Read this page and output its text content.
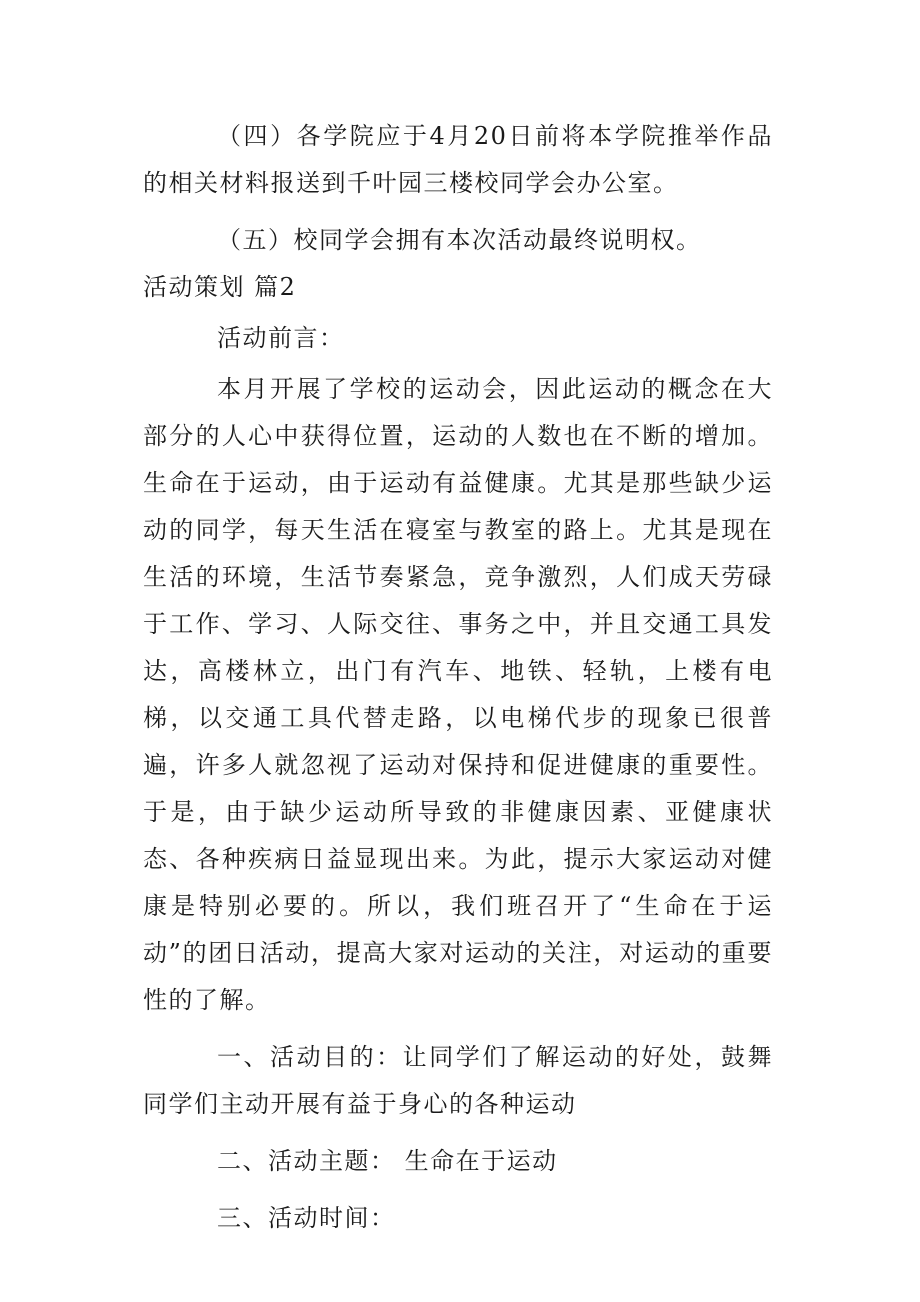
（四）各学院应于4月20日前将本学院推举作品的相关材料报送到千叶园三楼校同学会办公室。

（五）校同学会拥有本次活动最终说明权。

活动策划 篇2

活动前言：

本月开展了学校的运动会，因此运动的概念在大部分的人心中获得位置，运动的人数也在不断的增加。生命在于运动，由于运动有益健康。尤其是那些缺少运动的同学，每天生活在寝室与教室的路上。尤其是现在生活的环境，生活节奏紧急，竞争激烈，人们成天劳碌于工作、学习、人际交往、事务之中，并且交通工具发达，高楼林立，出门有汽车、地铁、轻轨，上楼有电梯，以交通工具代替走路，以电梯代步的现象已很普遍，许多人就忽视了运动对保持和促进健康的重要性。于是，由于缺少运动所导致的非健康因素、亚健康状态、各种疾病日益显现出来。为此，提示大家运动对健康是特别必要的。所以，我们班召开了“生命在于运动”的团日活动，提高大家对运动的关注，对运动的重要性的了解。

一、活动目的：让同学们了解运动的好处，鼓舞同学们主动开展有益于身心的各种运动

二、活动主题： 生命在于运动

三、活动时间：
